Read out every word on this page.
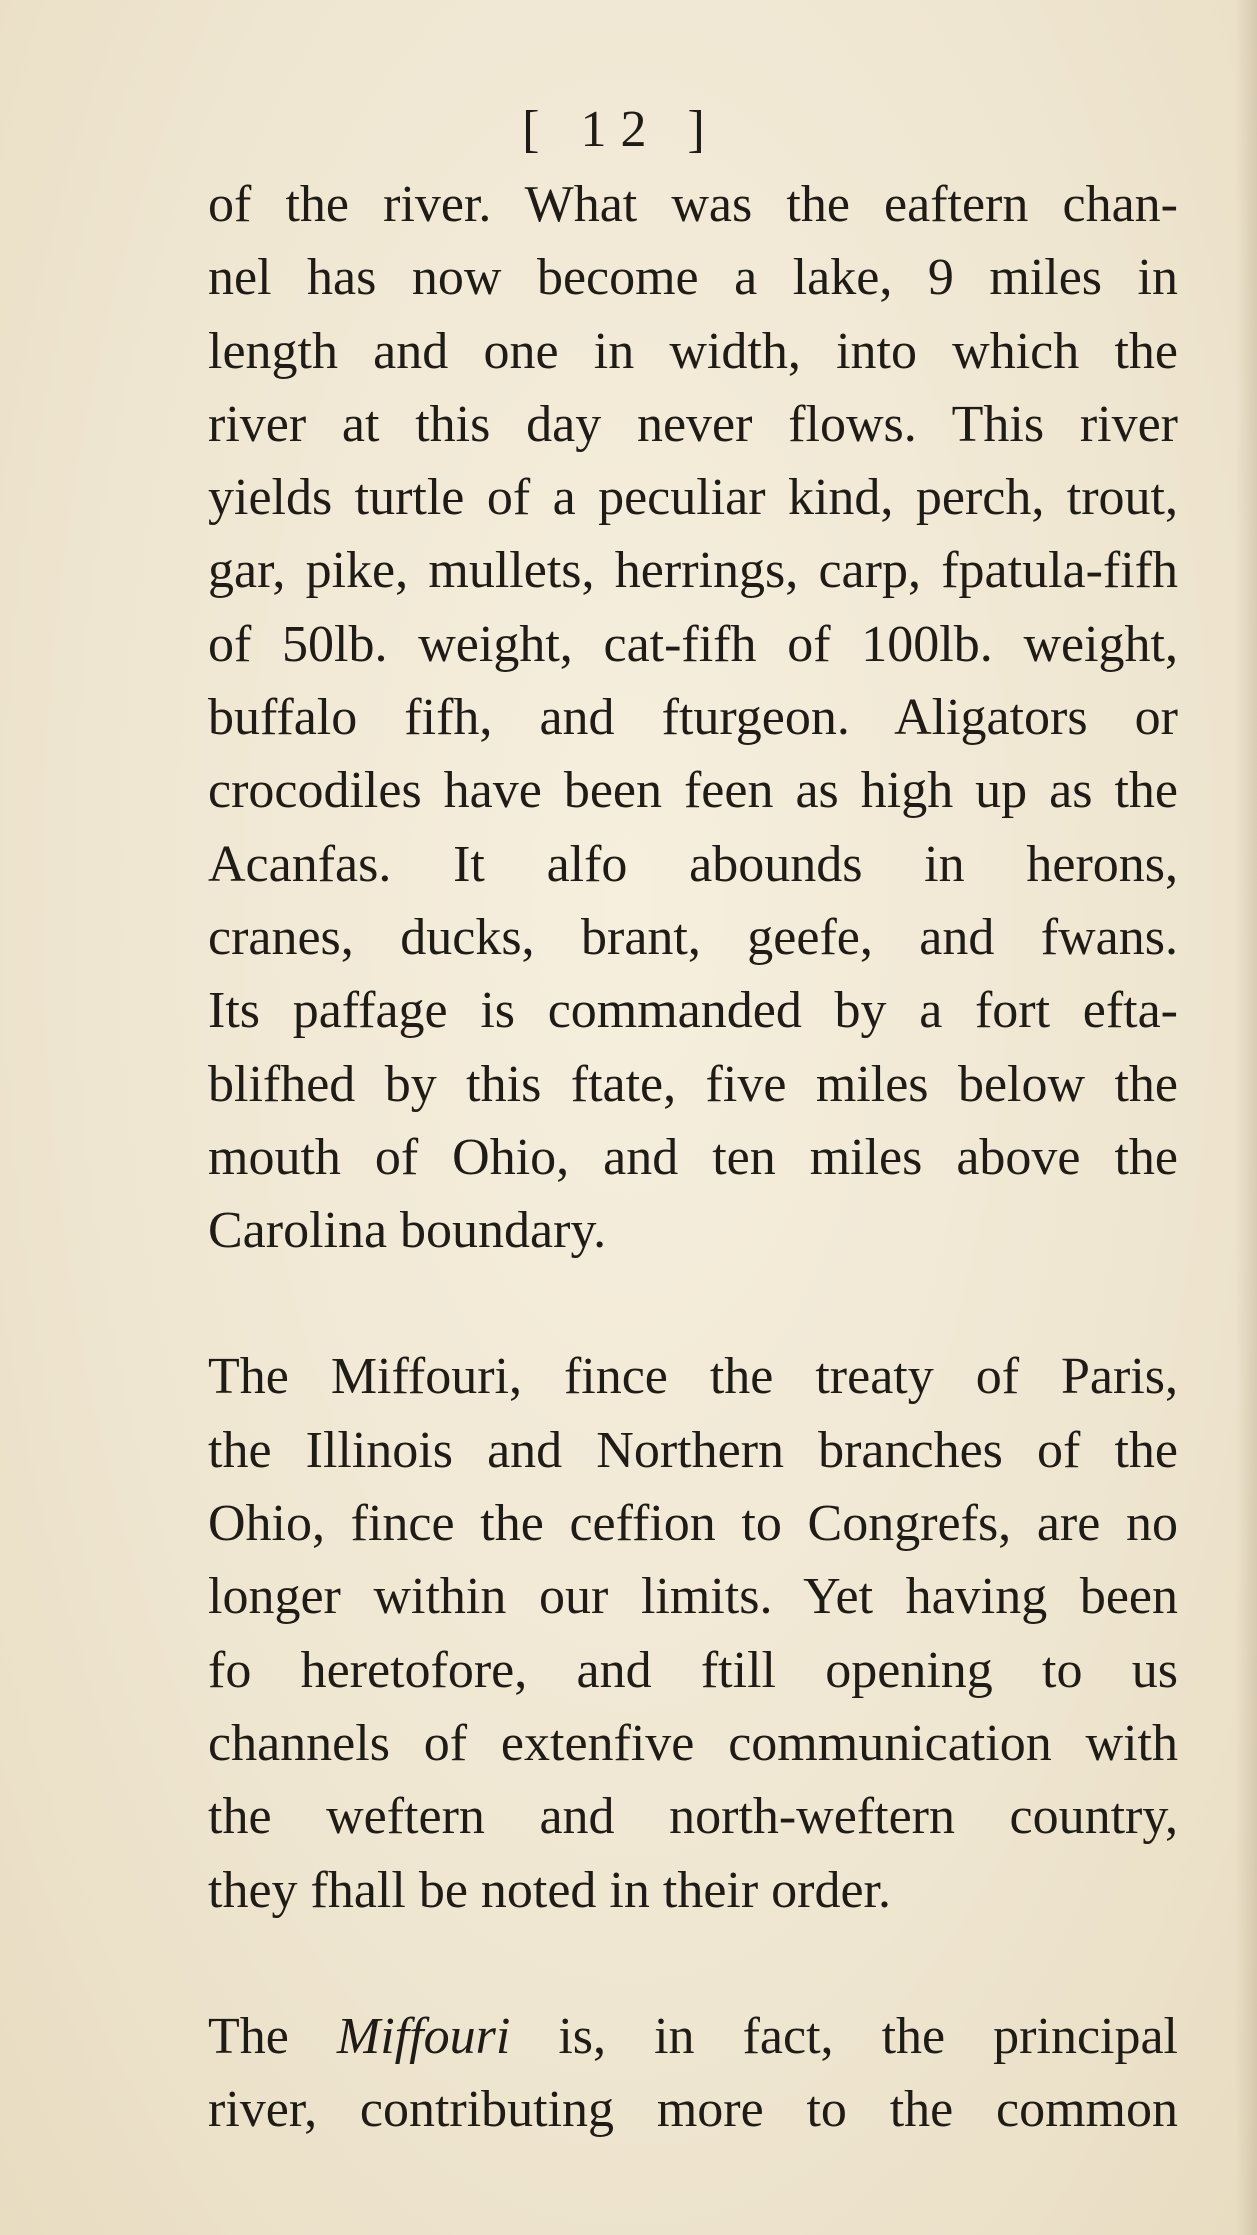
[ 12 ]
of the river. What was the eaftern chan-
nel has now become a lake, 9 miles in
length and one in width, into which the
river at this day never flows. This river
yields turtle of a peculiar kind, perch, trout,
gar, pike, mullets, herrings, carp, fpatula-fifh
of 50lb. weight, cat-fifh of 100lb. weight,
buffalo fifh, and fturgeon. Aligators or
crocodiles have been feen as high up as the
Acanfas. It alfo abounds in herons,
cranes, ducks, brant, geefe, and fwans.
Its paffage is commanded by a fort efta-
blifhed by this ftate, five miles below the
mouth of Ohio, and ten miles above the
Carolina boundary.
The Miffouri, fince the treaty of Paris,
the Illinois and Northern branches of the
Ohio, fince the ceffion to Congrefs, are no
longer within our limits. Yet having been
fo heretofore, and ftill opening to us
channels of extenfive communication with
the weftern and north-weftern country,
they fhall be noted in their order.
The Miffouri is, in fact, the principal
river, contributing more to the common
